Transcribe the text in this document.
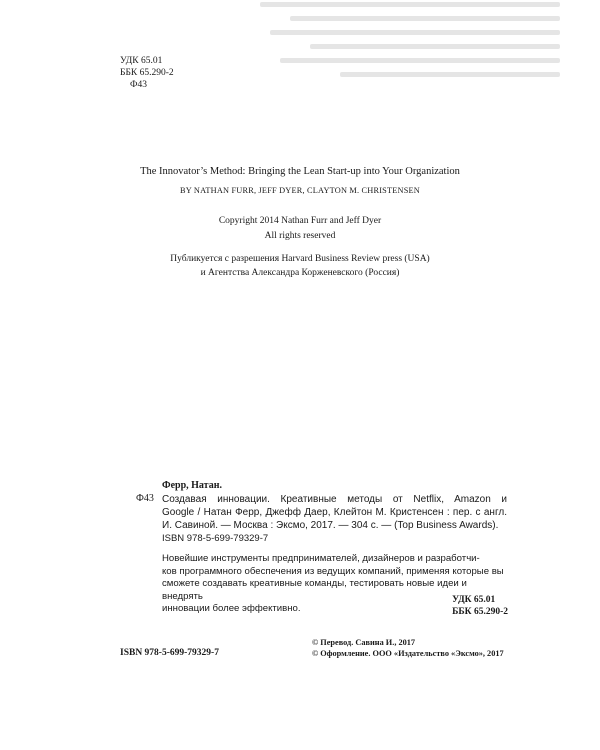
УДК 65.01
ББК 65.290-2
Ф43
The Innovator’s Method: Bringing the Lean Start-up into Your Organization
BY NATHAN FURR, JEFF DYER, CLAYTON M. CHRISTENSEN
Copyright 2014 Nathan Furr and Jeff Dyer
All rights reserved
Публикуется с разрешения Harvard Business Review press (USA)
и Агентства Александра Корженевского (Россия)
Ферр, Натан.
Ф43 Создавая инновации. Креативные методы от Netflix, Amazon и
Google / Натан Ферр, Джефф Даер, Клейтон М. Кристенсен : пер. с англ.
И. Савиной. — Москва : Эксмо, 2017. — 304 с. — (Top Business Awards).
ISBN 978-5-699-79329-7
Новейшие инструменты предпринимателей, дизайнеров и разработчи-
ков программного обеспечения из ведущих компаний, применяя которые вы
сможете создавать креативные команды, тестировать новые идеи и внедрять
инновации более эффективно.
УДК 65.01
ББК 65.290-2
ISBN 978-5-699-79329-7
© Перевод. Савина И., 2017
© Оформление. ООО «Издательство «Эксмо», 2017
